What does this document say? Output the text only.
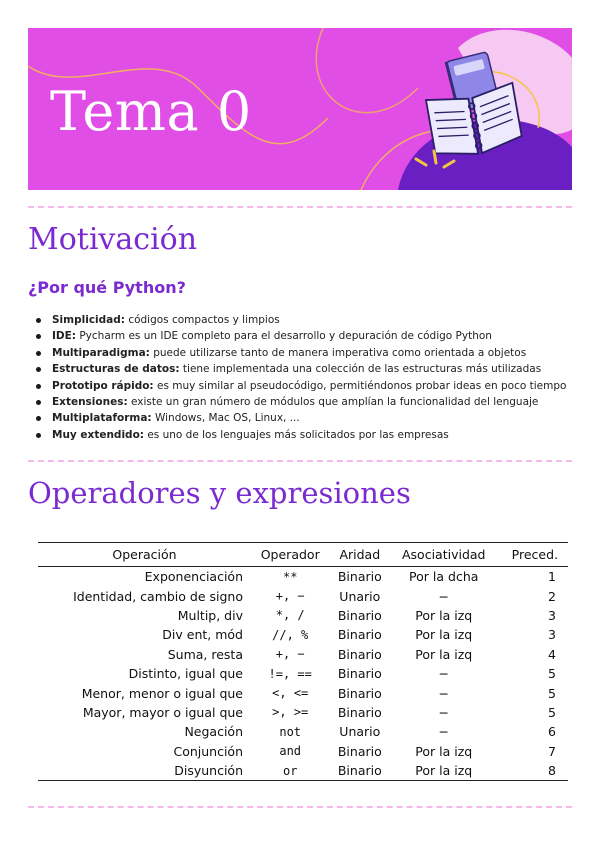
Tema 0
Motivación
¿Por qué Python?
Simplicidad: códigos compactos y limpios
IDE: Pycharm es un IDE completo para el desarrollo y depuración de código Python
Multiparadigma: puede utilizarse tanto de manera imperativa como orientada a objetos
Estructuras de datos: tiene implementada una colección de las estructuras más utilizadas
Prototipo rápido: es muy similar al pseudocódigo, permitiéndonos probar ideas en poco tiempo
Extensiones: existe un gran número de módulos que amplían la funcionalidad del lenguaje
Multiplataforma: Windows, Mac OS, Linux, ...
Muy extendido: es uno de los lenguajes más solicitados por las empresas
Operadores y expresiones
Operación	Operador	Aridad	Asociatividad	Preced.
Exponenciación	**	Binario	Por la dcha	1
Identidad, cambio de signo	+, −	Unario	−	2
Multip, div	*, /	Binario	Por la izq	3
Div ent, mód	//, %	Binario	Por la izq	3
Suma, resta	+, −	Binario	Por la izq	4
Distinto, igual que	!=, ==	Binario	−	5
Menor, menor o igual que	<, <=	Binario	−	5
Mayor, mayor o igual que	>, >=	Binario	−	5
Negación	not	Unario	−	6
Conjunción	and	Binario	Por la izq	7
Disyunción	or	Binario	Por la izq	8
